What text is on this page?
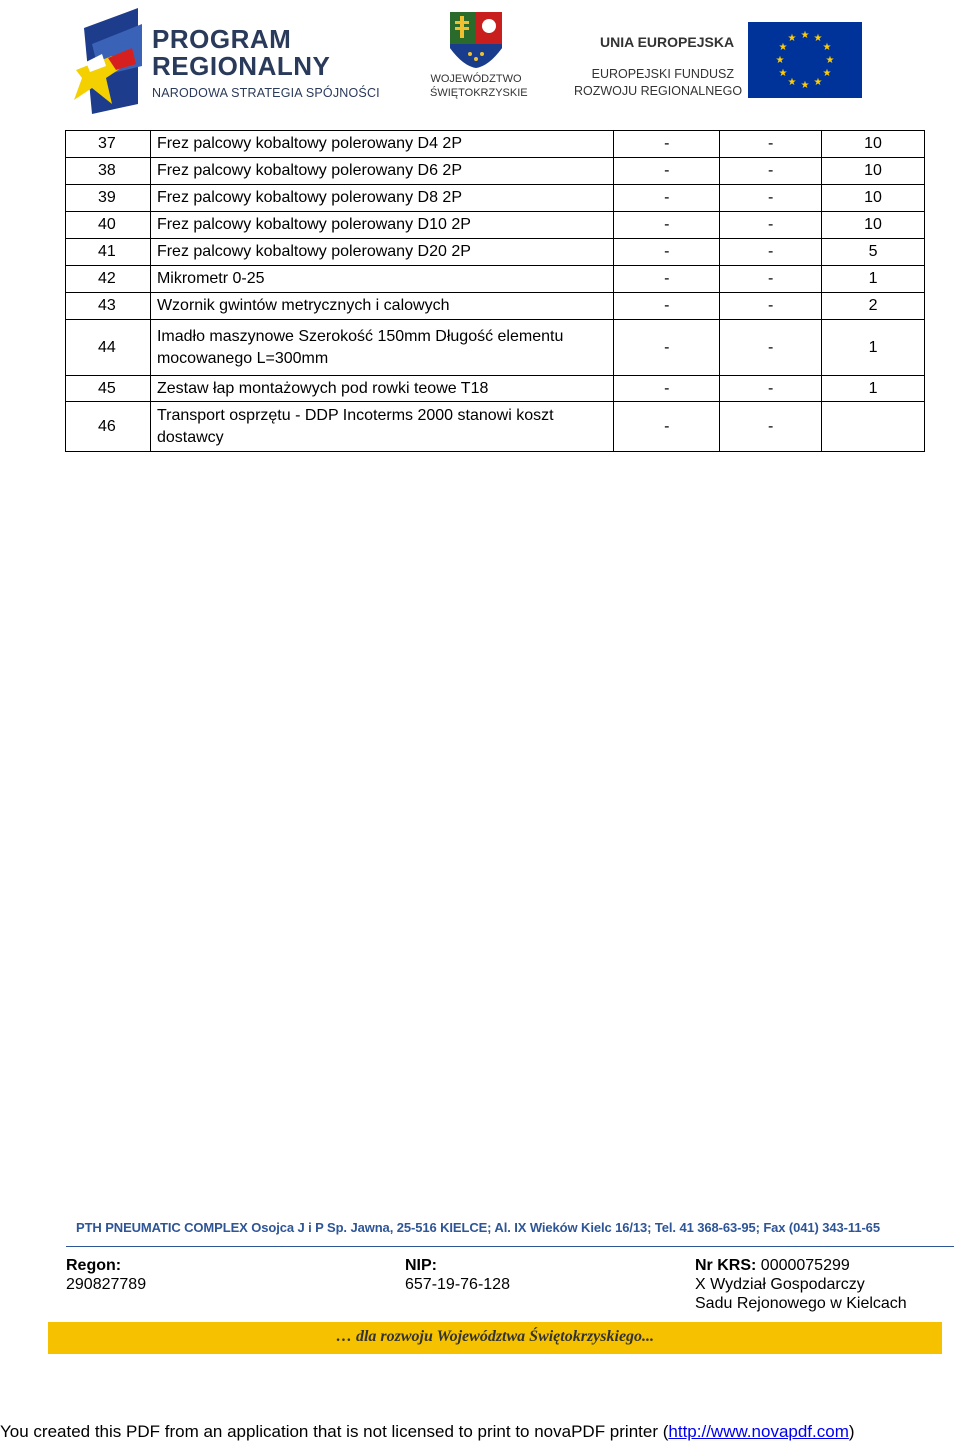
PROGRAM
REGIONALNY
NARODOWA STRATEGIA SPÓJNOŚCI
WOJEWÓDZTWO
ŚWIĘTOKRZYSKIE
UNIA EUROPEJSKA
EUROPEJSKI FUNDUSZ
ROZWOJU REGIONALNEGO
★ ★
★
★
★
★
★
★
★
★
★
★
37	Frez palcowy kobaltowy polerowany D4 2P	-	-	10
38	Frez palcowy kobaltowy polerowany D6 2P	-	-	10
39	Frez palcowy kobaltowy polerowany D8 2P	-	-	10
40	Frez palcowy kobaltowy polerowany D10 2P	-	-	10
41	Frez palcowy kobaltowy polerowany D20 2P	-	-	5
42	Mikrometr 0-25	-	-	1
43	Wzornik gwintów metrycznych i calowych	-	-	2
44	Imadło maszynowe Szerokość 150mm Długość elementu mocowanego L=300mm	-	-	1
45	Zestaw łap montażowych pod rowki teowe T18	-	-	1
46	Transport osprzętu - DDP Incoterms 2000 stanowi koszt dostawcy	-	-	
PTH PNEUMATIC COMPLEX Osojca J i P Sp. Jawna, 25-516 KIELCE; Al. IX Wieków Kielc 16/13; Tel. 41 368-63-95; Fax (041) 343-11-65
Regon:
290827789
NIP:
657-19-76-128
Nr KRS: 0000075299
X Wydział Gospodarczy
Sadu Rejonowego w Kielcach
… dla rozwoju Województwa Świętokrzyskiego...
You created this PDF from an application that is not licensed to print to novaPDF printer (http://www.novapdf.com)
